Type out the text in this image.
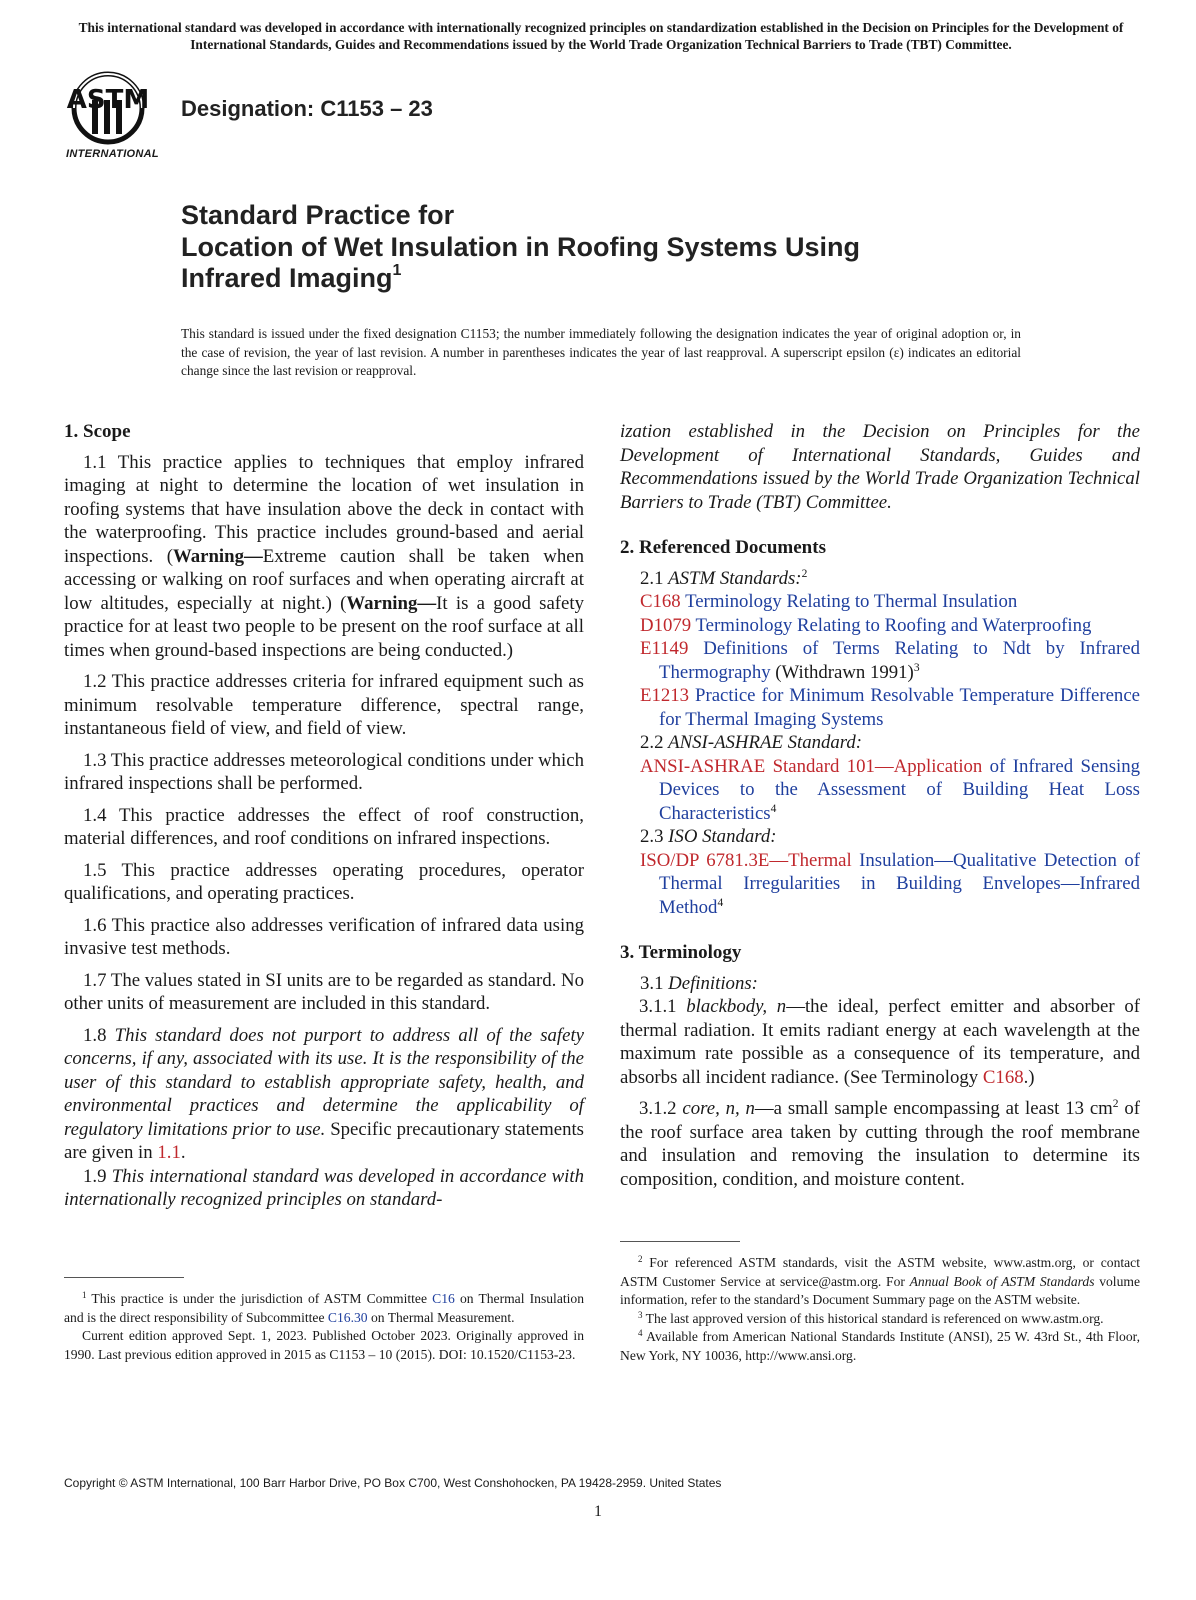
This international standard was developed in accordance with internationally recognized principles on standardization established in the Decision on Principles for the Development of International Standards, Guides and Recommendations issued by the World Trade Organization Technical Barriers to Trade (TBT) Committee.
ASTM
INTERNATIONAL
Designation: C1153 – 23
Standard Practice for
Location of Wet Insulation in Roofing Systems Using
Infrared Imaging$^1$
This standard is issued under the fixed designation C1153; the number immediately following the designation indicates the year of original adoption or, in the case of revision, the year of last revision. A number in parentheses indicates the year of last reapproval. A superscript epsilon (ε) indicates an editorial change since the last revision or reapproval.
1. Scope

1.1 This practice applies to techniques that employ infrared imaging at night to determine the location of wet insulation in roofing systems that have insulation above the deck in contact with the waterproofing. This practice includes ground-based and aerial inspections. (Warning—Extreme caution shall be taken when accessing or walking on roof surfaces and when operating aircraft at low altitudes, especially at night.) (Warning—It is a good safety practice for at least two people to be present on the roof surface at all times when ground-based inspections are being conducted.)

1.2 This practice addresses criteria for infrared equipment such as minimum resolvable temperature difference, spectral range, instantaneous field of view, and field of view.

1.3 This practice addresses meteorological conditions under which infrared inspections shall be performed.

1.4 This practice addresses the effect of roof construction, material differences, and roof conditions on infrared inspections.

1.5 This practice addresses operating procedures, operator qualifications, and operating practices.

1.6 This practice also addresses verification of infrared data using invasive test methods.

1.7 The values stated in SI units are to be regarded as standard. No other units of measurement are included in this standard.

1.8 This standard does not purport to address all of the safety concerns, if any, associated with its use. It is the responsibility of the user of this standard to establish appropriate safety, health, and environmental practices and determine the applicability of regulatory limitations prior to use. Specific precautionary statements are given in 1.1.

1.9 This international standard was developed in accordance with internationally recognized principles on standard-

ization established in the Decision on Principles for the Development of International Standards, Guides and Recommendations issued by the World Trade Organization Technical Barriers to Trade (TBT) Committee.

2. Referenced Documents
2.1 ASTM Standards:$^2$
C168 Terminology Relating to Thermal Insulation
D1079 Terminology Relating to Roofing and Waterproofing
E1149 Definitions of Terms Relating to Ndt by Infrared Thermography (Withdrawn 1991)$^3$
E1213 Practice for Minimum Resolvable Temperature Difference for Thermal Imaging Systems
2.2 ANSI-ASHRAE Standard:
ANSI-ASHRAE Standard 101—Application of Infrared Sensing Devices to the Assessment of Building Heat Loss Characteristics$^4$
2.3 ISO Standard:
ISO/DP 6781.3E—Thermal Insulation—Qualitative Detection of Thermal Irregularities in Building Envelopes—Infrared Method$^4$
3. Terminology
3.1 Definitions:

3.1.1 blackbody, n—the ideal, perfect emitter and absorber of thermal radiation. It emits radiant energy at each wavelength at the maximum rate possible as a consequence of its temperature, and absorbs all incident radiance. (See Terminology C168.)

3.1.2 core, n, n—a small sample encompassing at least 13 $cm^2$ of the roof surface area taken by cutting through the roof membrane and insulation and removing the insulation to determine its composition, condition, and moisture content.

$^1$ This practice is under the jurisdiction of ASTM Committee C16 on Thermal Insulation and is the direct responsibility of Subcommittee C16.30 on Thermal Measurement.

Current edition approved Sept. 1, 2023. Published October 2023. Originally approved in 1990. Last previous edition approved in 2015 as C1153 – 10 (2015). DOI: 10.1520/C1153-23.

$^2$ For referenced ASTM standards, visit the ASTM website, www.astm.org, or contact ASTM Customer Service at service@astm.org. For Annual Book of ASTM Standards volume information, refer to the standard’s Document Summary page on the ASTM website.

$^3$ The last approved version of this historical standard is referenced on www.astm.org.

$^4$ Available from American National Standards Institute (ANSI), 25 W. 43rd St., 4th Floor, New York, NY 10036, http://www.ansi.org.

Copyright © ASTM International, 100 Barr Harbor Drive, PO Box C700, West Conshohocken, PA 19428-2959. United States
1
